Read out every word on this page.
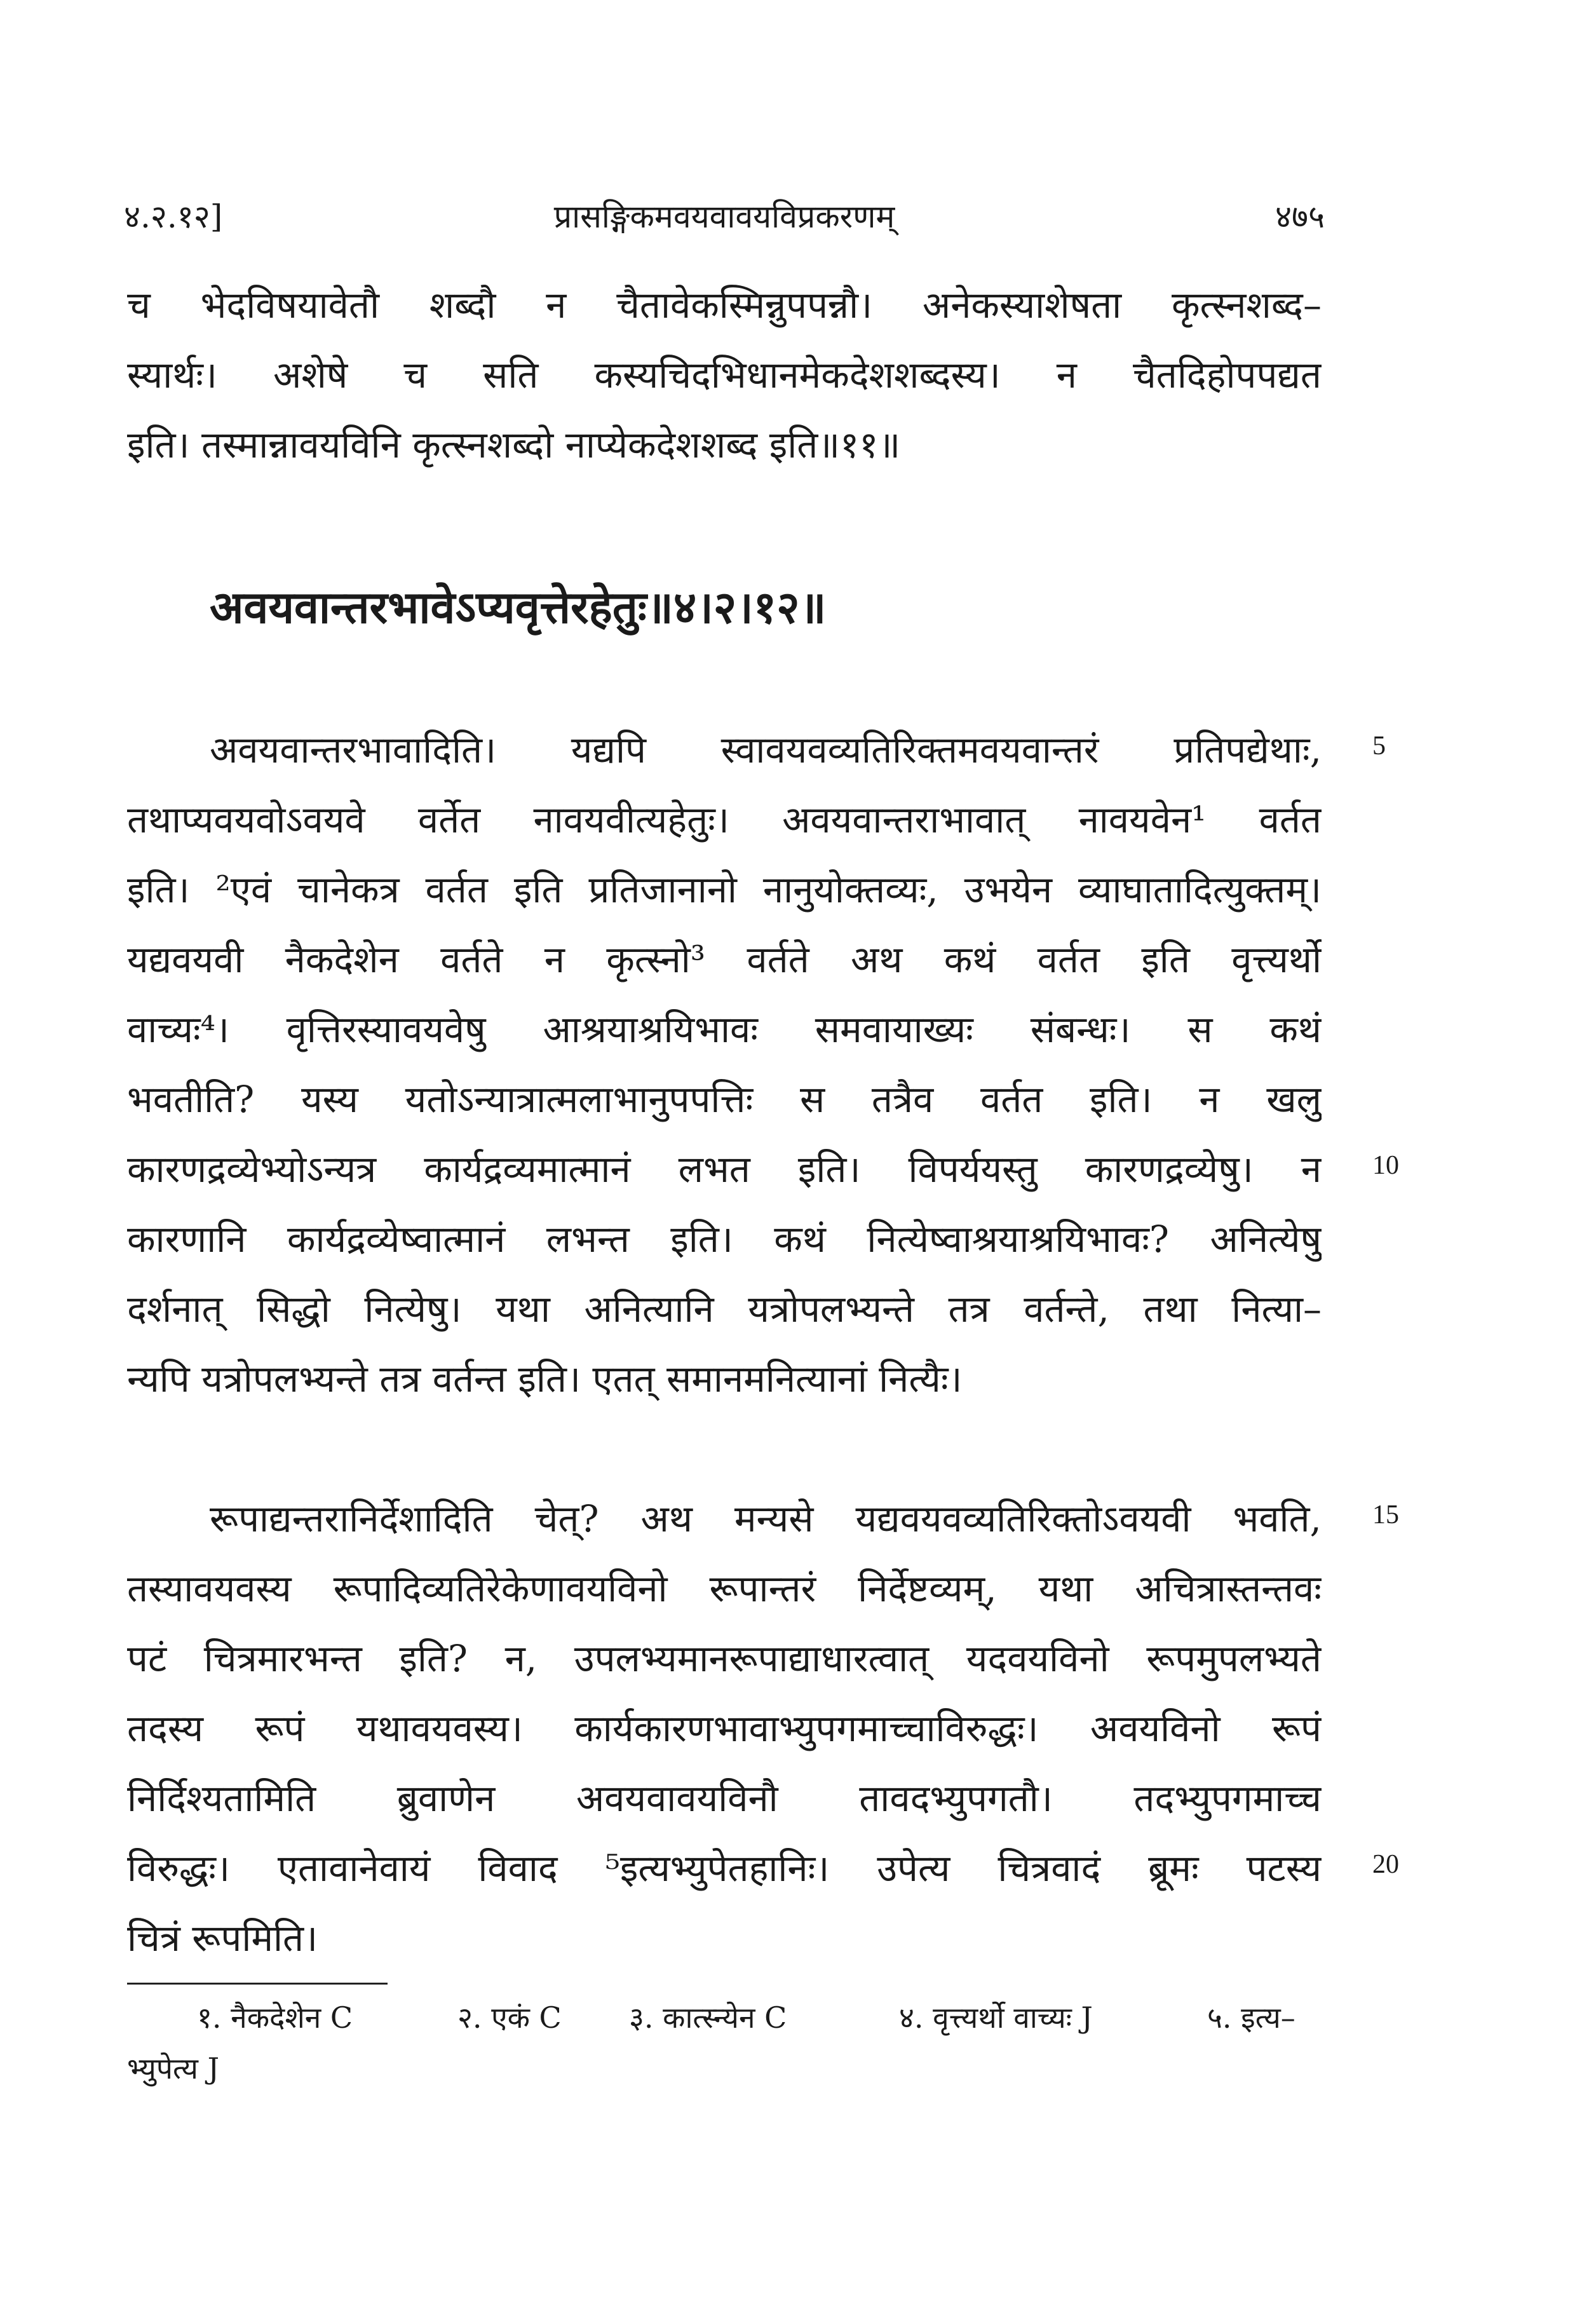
४.२.१२]	प्रासङ्गिकमवयवावयविप्रकरणम्	४७५
च भेदविषयावेतौ शब्दौ न चैतावेकस्मिन्नुपपन्नौ। अनेकस्याशेषता कृत्स्नशब्द–
स्यार्थः। अशेषे च सति कस्यचिदभिधानमेकदेशशब्दस्य। न चैतदिहोपपद्यत
इति। तस्मान्नावयविनि कृत्स्नशब्दो नाप्येकदेशशब्द इति॥११॥
अवयवान्तरभावेऽप्यवृत्तेरहेतुः॥४।२।१२॥
अवयवान्तरभावादिति। यद्यपि स्वावयवव्यतिरिक्तमवयवान्तरं प्रतिपद्येथाः,
तथाप्यवयवोऽवयवे वर्तेत नावयवीत्यहेतुः। अवयवान्तराभावात् नावयवेन¹ वर्तत
इति। ²एवं चानेकत्र वर्तत इति प्रतिजानानो नानुयोक्तव्यः, उभयेन व्याघातादित्युक्तम्।
यद्यवयवी नैकदेशेन वर्तते न कृत्स्नो³ वर्तते अथ कथं वर्तत इति वृत्त्यर्थो
वाच्यः⁴। वृत्तिरस्यावयवेषु आश्रयाश्रयिभावः समवायाख्यः संबन्धः। स कथं
भवतीति? यस्य यतोऽन्यात्रात्मलाभानुपपत्तिः स तत्रैव वर्तत इति। न खलु
कारणद्रव्येभ्योऽन्यत्र कार्यद्रव्यमात्मानं लभत इति। विपर्ययस्तु कारणद्रव्येषु। न
कारणानि कार्यद्रव्येष्वात्मानं लभन्त इति। कथं नित्येष्वाश्रयाश्रयिभावः? अनित्येषु
दर्शनात् सिद्धो नित्येषु। यथा अनित्यानि यत्रोपलभ्यन्ते तत्र वर्तन्ते, तथा नित्या–
न्यपि यत्रोपलभ्यन्ते तत्र वर्तन्त इति। एतत् समानमनित्यानां नित्यैः।
5
10
15
20
रूपाद्यन्तरानिर्देशादिति चेत्? अथ मन्यसे यद्यवयवव्यतिरिक्तोऽवयवी भवति,
तस्यावयवस्य रूपादिव्यतिरेकेणावयविनो रूपान्तरं निर्देष्टव्यम्, यथा अचित्रास्तन्तवः
पटं चित्रमारभन्त इति? न, उपलभ्यमानरूपाद्याधारत्वात् यदवयविनो रूपमुपलभ्यते
तदस्य रूपं यथावयवस्य। कार्यकारणभावाभ्युपगमाच्चाविरुद्धः। अवयविनो रूपं
निर्दिश्यतामिति ब्रुवाणेन अवयवावयविनौ तावदभ्युपगतौ। तदभ्युपगमाच्च
विरुद्धः। एतावानेवायं विवाद ⁵इत्यभ्युपेतहानिः। उपेत्य चित्रवादं ब्रूमः पटस्य
चित्रं रूपमिति।
१. नैकदेशेन C	२. एकं C ३. कात्स्न्येन C	४. वृत्त्यर्थो वाच्यः J	५. इत्य–
भ्युपेत्य J
